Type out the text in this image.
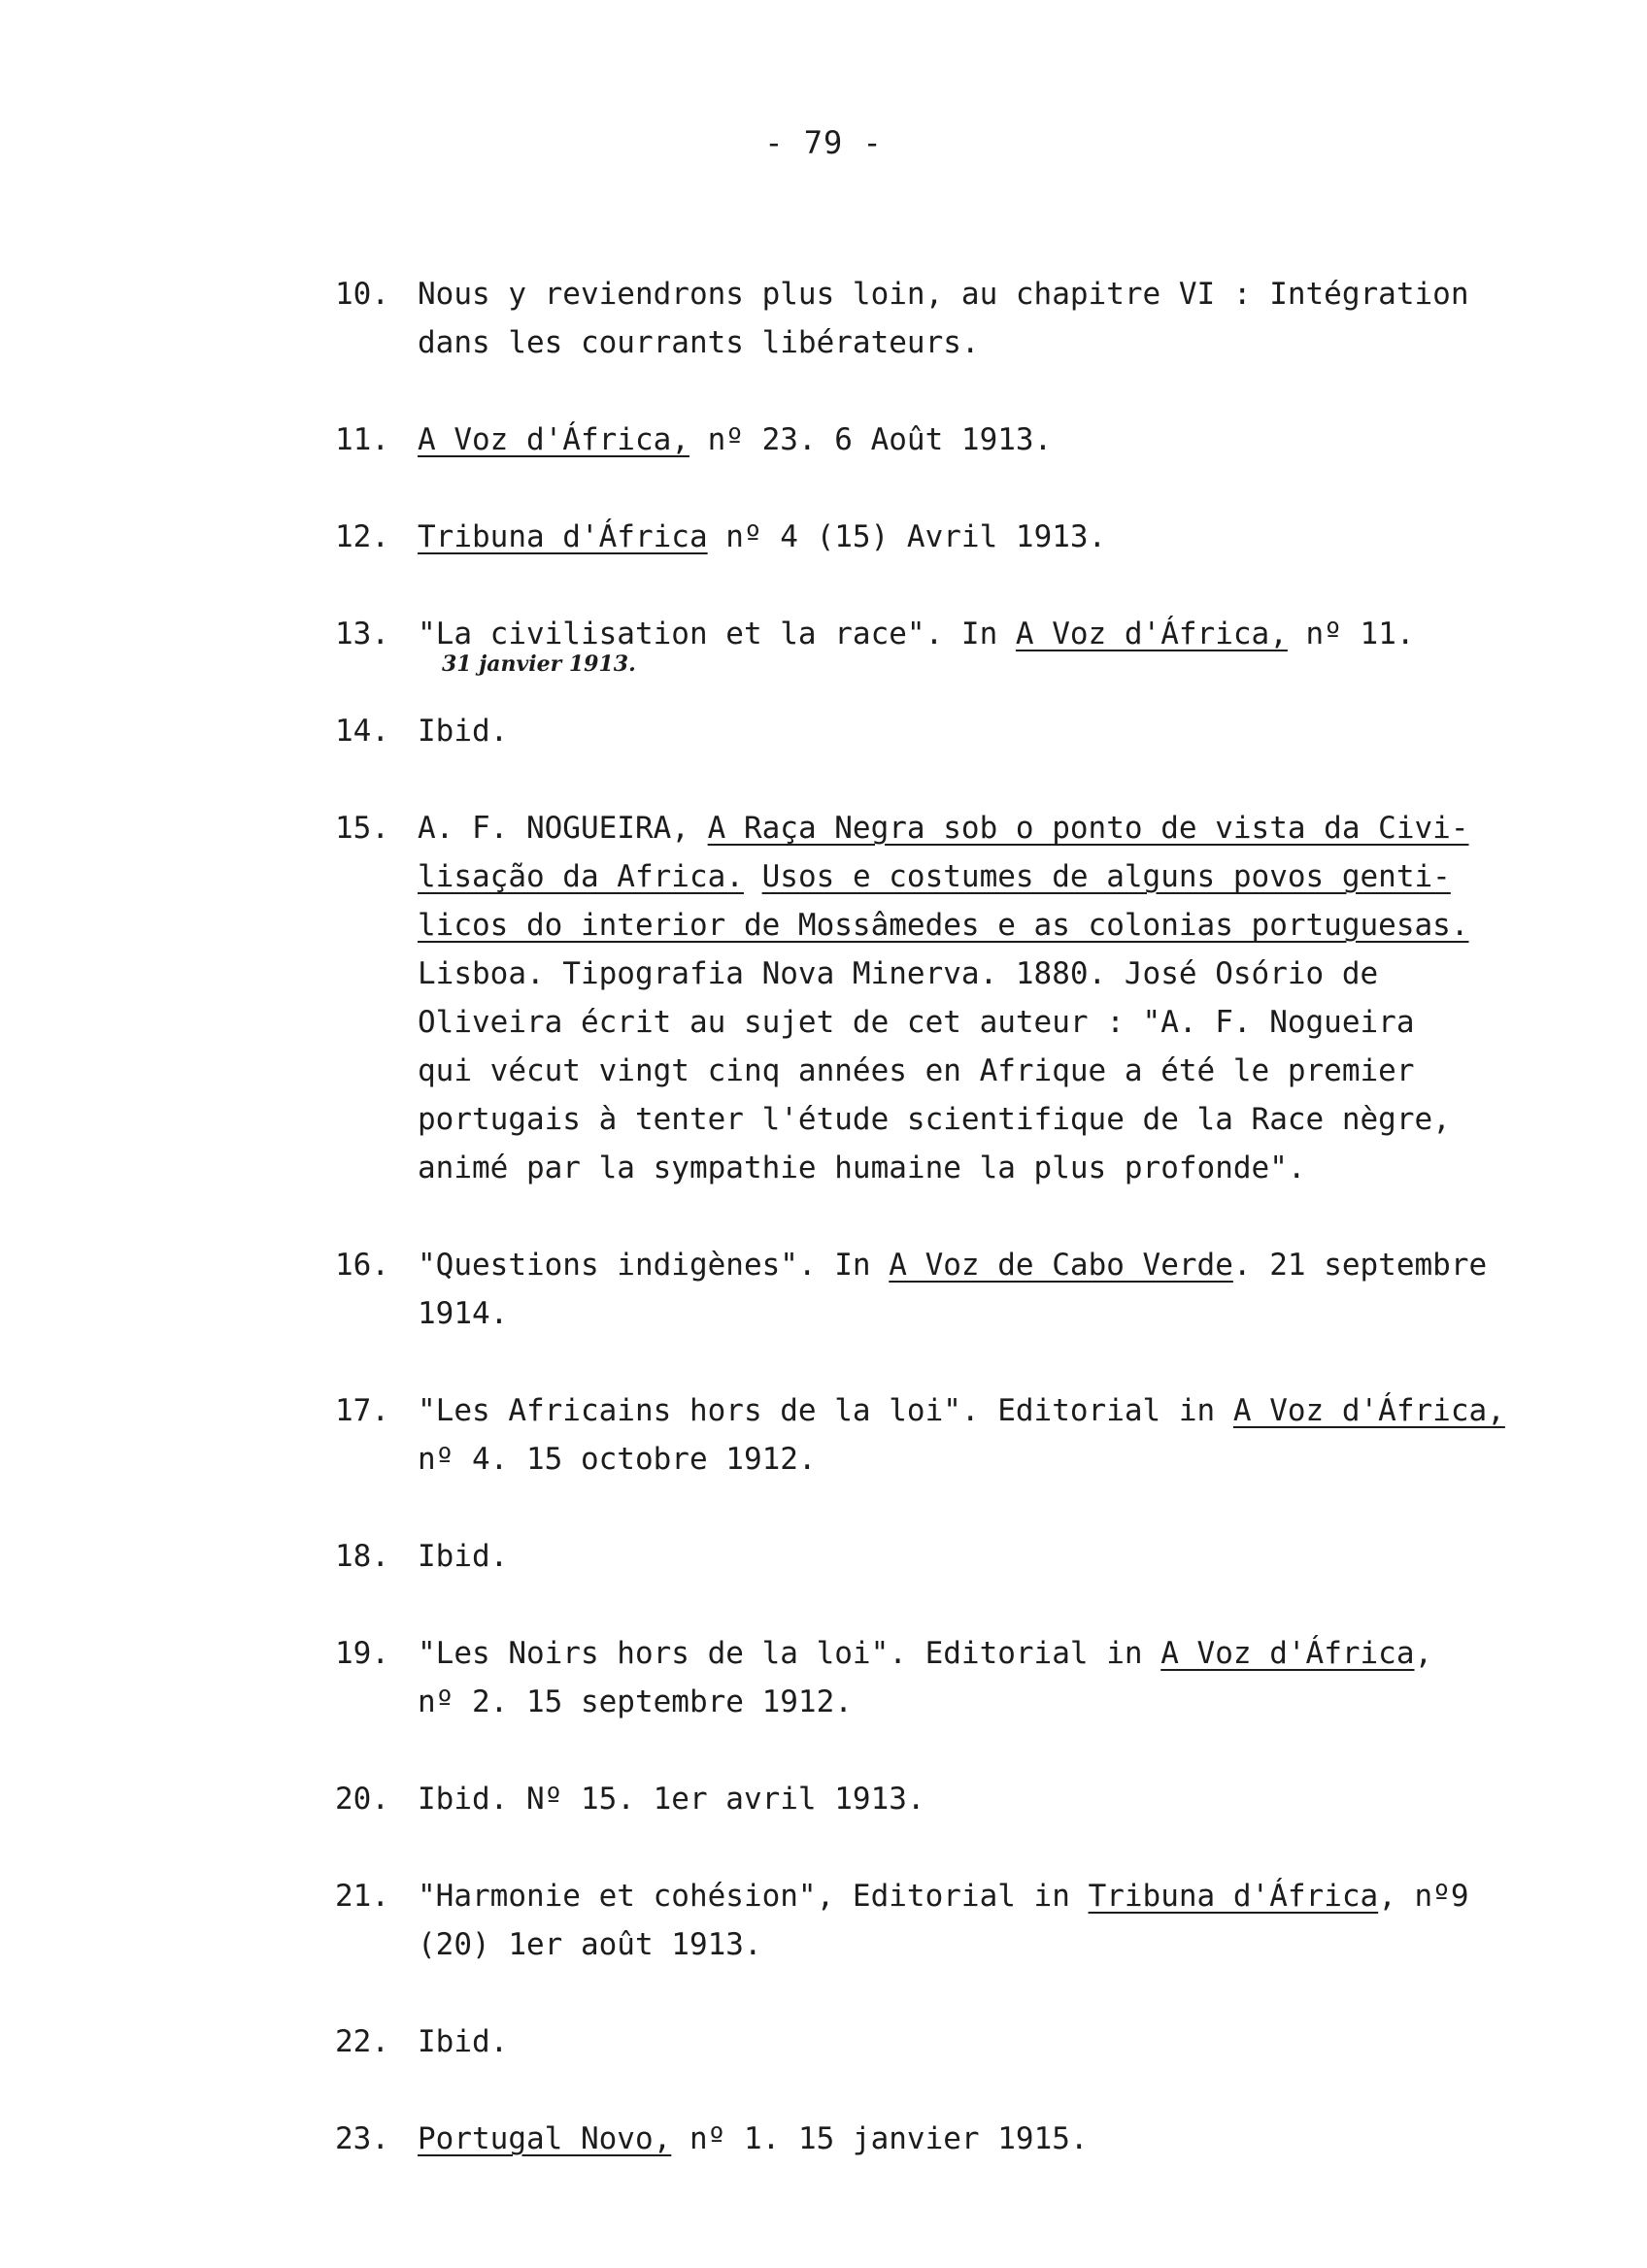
- 79 -
10. Nous y reviendrons plus loin, au chapitre VI : Intégration
dans les courrants libérateurs.
11. A Voz d'África, nº 23. 6 Août 1913.
12. Tribuna d'África nº 4 (15) Avril 1913.
13. "La civilisation et la race". In A Voz d'África, nº 11.
31 janvier 1913.
14. Ibid.
15. A. F. NOGUEIRA, A Raça Negra sob o ponto de vista da Civi-
lisação da Africa. Usos e costumes de alguns povos genti-
licos do interior de Mossâmedes e as colonias portuguesas.
Lisboa. Tipografia Nova Minerva. 1880. José Osório de
Oliveira écrit au sujet de cet auteur : "A. F. Nogueira
qui vécut vingt cinq années en Afrique a été le premier
portugais à tenter l'étude scientifique de la Race nègre,
animé par la sympathie humaine la plus profonde".
16. "Questions indigènes". In A Voz de Cabo Verde. 21 septembre
1914.
17. "Les Africains hors de la loi". Editorial in A Voz d'África,
nº 4. 15 octobre 1912.
18. Ibid.
19. "Les Noirs hors de la loi". Editorial in A Voz d'África,
nº 2. 15 septembre 1912.
20. Ibid. Nº 15. 1er avril 1913.
21. "Harmonie et cohésion", Editorial in Tribuna d'África, nº9
(20) 1er août 1913.
22. Ibid.
23. Portugal Novo, nº 1. 15 janvier 1915.
